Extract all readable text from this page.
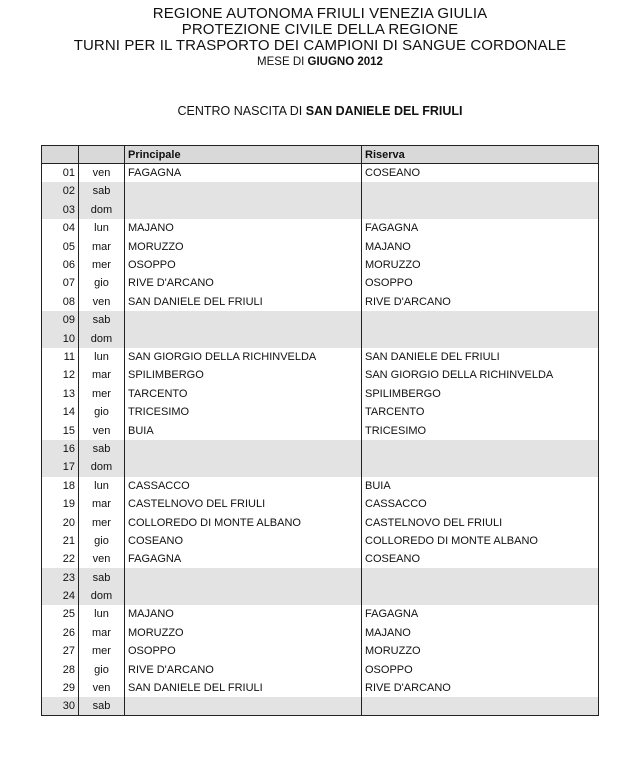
REGIONE AUTONOMA FRIULI VENEZIA GIULIA
PROTEZIONE CIVILE DELLA REGIONE
TURNI PER IL TRASPORTO DEI CAMPIONI DI SANGUE CORDONALE
MESE DI GIUGNO 2012
CENTRO NASCITA DI SAN DANIELE DEL FRIULI
		Principale	Riserva
01	ven	FAGAGNA	COSEANO
02	sab		
03	dom		
04	lun	MAJANO	FAGAGNA
05	mar	MORUZZO	MAJANO
06	mer	OSOPPO	MORUZZO
07	gio	RIVE D'ARCANO	OSOPPO
08	ven	SAN DANIELE DEL FRIULI	RIVE D'ARCANO
09	sab		
10	dom		
11	lun	SAN GIORGIO DELLA RICHINVELDA	SAN DANIELE DEL FRIULI
12	mar	SPILIMBERGO	SAN GIORGIO DELLA RICHINVELDA
13	mer	TARCENTO	SPILIMBERGO
14	gio	TRICESIMO	TARCENTO
15	ven	BUIA	TRICESIMO
16	sab		
17	dom		
18	lun	CASSACCO	BUIA
19	mar	CASTELNOVO DEL FRIULI	CASSACCO
20	mer	COLLOREDO DI MONTE ALBANO	CASTELNOVO DEL FRIULI
21	gio	COSEANO	COLLOREDO DI MONTE ALBANO
22	ven	FAGAGNA	COSEANO
23	sab		
24	dom		
25	lun	MAJANO	FAGAGNA
26	mar	MORUZZO	MAJANO
27	mer	OSOPPO	MORUZZO
28	gio	RIVE D'ARCANO	OSOPPO
29	ven	SAN DANIELE DEL FRIULI	RIVE D'ARCANO
30	sab		
